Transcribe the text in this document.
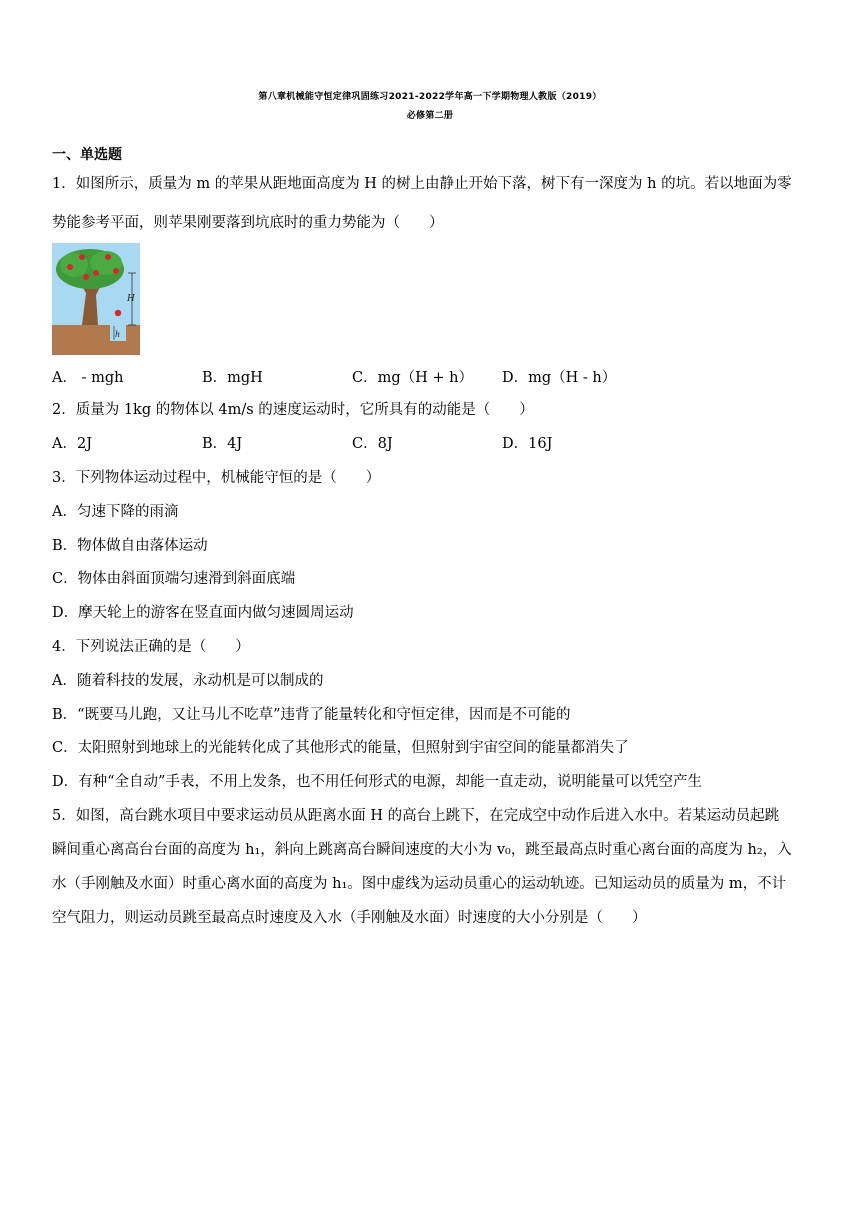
第八章机械能守恒定律巩固练习2021-2022学年高一下学期物理人教版（2019）
必修第二册
一、单选题
1．如图所示，质量为 m 的苹果从距地面高度为 H 的树上由静止开始下落，树下有一深度为 h 的坑。若以地面为零
势能参考平面，则苹果刚要落到坑底时的重力势能为（　　）
H
h
A． - mgh	B．mgH	C．mg（H + h） D．mg（H - h）
2．质量为 1kg 的物体以 4m/s 的速度运动时，它所具有的动能是（　　）
A．2J	B．4J	C．8J	D．16J
3．下列物体运动过程中，机械能守恒的是（　　）
A．匀速下降的雨滴
B．物体做自由落体运动
C．物体由斜面顶端匀速滑到斜面底端
D．摩天轮上的游客在竖直面内做匀速圆周运动
4．下列说法正确的是（　　）
A．随着科技的发展，永动机是可以制成的
B．“既要马儿跑，又让马儿不吃草”违背了能量转化和守恒定律，因而是不可能的
C．太阳照射到地球上的光能转化成了其他形式的能量，但照射到宇宙空间的能量都消失了
D．有种“全自动”手表，不用上发条，也不用任何形式的电源，却能一直走动，说明能量可以凭空产生
5．如图，高台跳水项目中要求运动员从距离水面 H 的高台上跳下，在完成空中动作后进入水中。若某运动员起跳
瞬间重心离高台台面的高度为 h₁，斜向上跳离高台瞬间速度的大小为 v₀，跳至最高点时重心离台面的高度为 h₂，入
水（手刚触及水面）时重心离水面的高度为 h₁。图中虚线为运动员重心的运动轨迹。已知运动员的质量为 m，不计
空气阻力，则运动员跳至最高点时速度及入水（手刚触及水面）时速度的大小分别是（　　）
